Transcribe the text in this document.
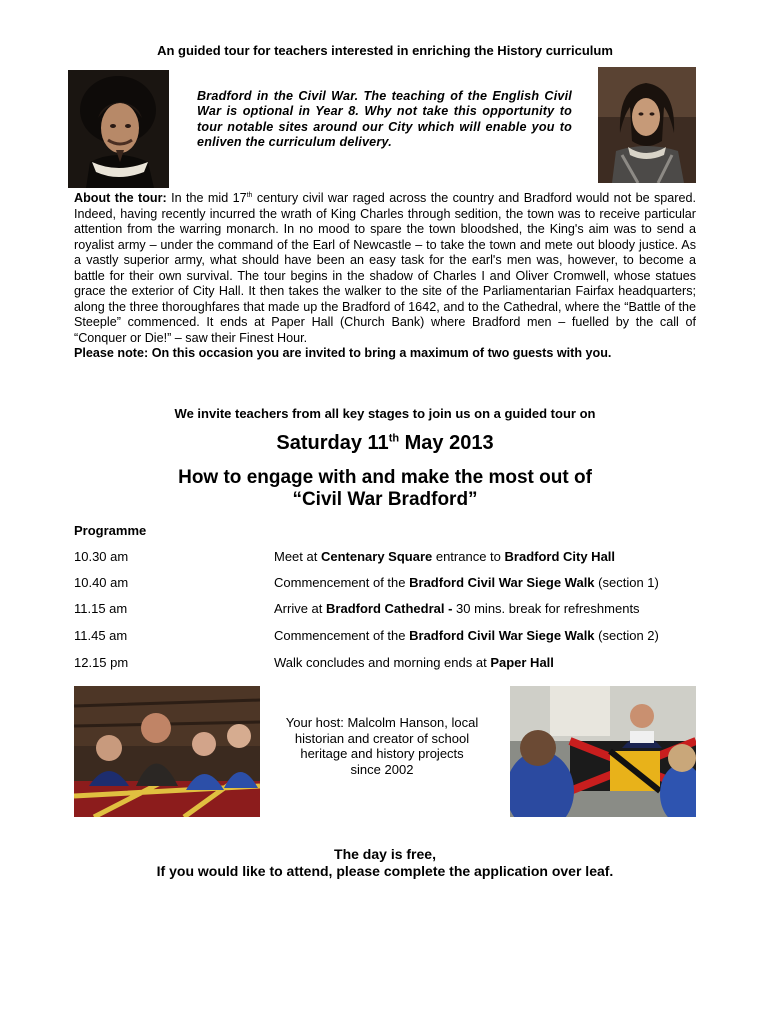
An guided tour for teachers interested in enriching the History curriculum
Bradford in the Civil War. The teaching of the English Civil War is optional in Year 8. Why not take this opportunity to tour notable sites around our City which will enable you to enliven the curriculum delivery.
About the tour: In the mid 17th century civil war raged across the country and Bradford would not be spared. Indeed, having recently incurred the wrath of King Charles through sedition, the town was to receive particular attention from the warring monarch. In no mood to spare the town bloodshed, the King's aim was to send a royalist army – under the command of the Earl of Newcastle – to take the town and mete out bloody justice. As a vastly superior army, what should have been an easy task for the earl's men was, however, to become a battle for their own survival. The tour begins in the shadow of Charles I and Oliver Cromwell, whose statues grace the exterior of City Hall. It then takes the walker to the site of the Parliamentarian Fairfax headquarters; along the three thoroughfares that made up the Bradford of 1642, and to the Cathedral, where the “Battle of the Steeple” commenced. It ends at Paper Hall (Church Bank) where Bradford men – fuelled by the call of “Conquer or Die!” – saw their Finest Hour.
Please note: On this occasion you are invited to bring a maximum of two guests with you.
We invite teachers from all key stages to join us on a guided tour on
Saturday 11th May 2013
How to engage with and make the most out of
“Civil War Bradford”
Programme
10.30 am	Meet at Centenary Square entrance to Bradford City Hall
10.40 am	Commencement of the Bradford Civil War Siege Walk (section 1)
11.15 am	Arrive at Bradford Cathedral - 30 mins. break for refreshments
11.45 am	Commencement of the Bradford Civil War Siege Walk (section 2)
12.15 pm	Walk concludes and morning ends at Paper Hall
Your host: Malcolm Hanson, local
historian and creator of school
heritage and history projects
since 2002
The day is free,
If you would like to attend, please complete the application over leaf.
